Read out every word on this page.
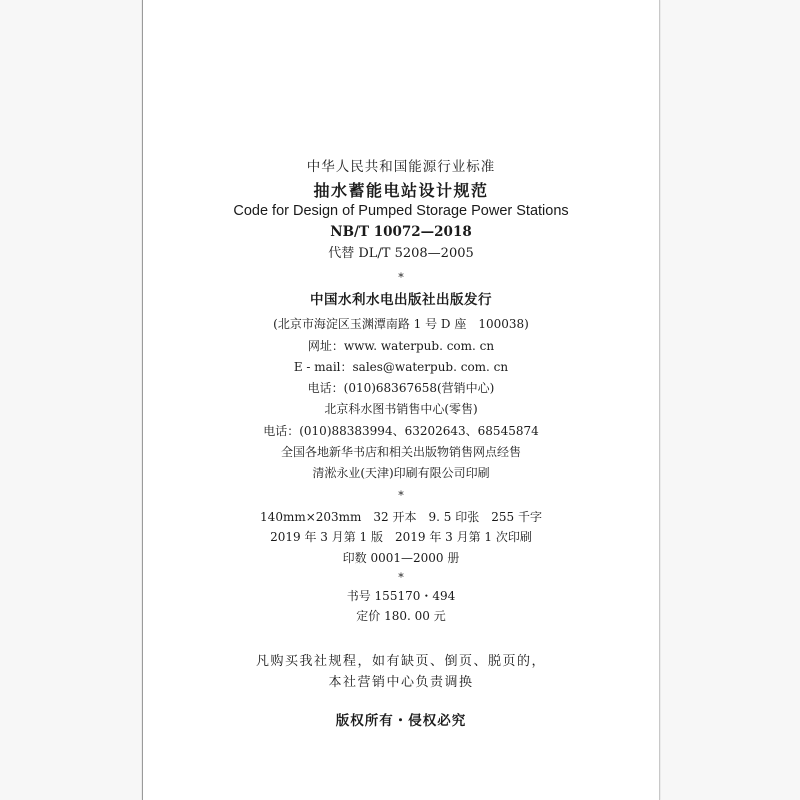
中华人民共和国能源行业标准
抽水蓄能电站设计规范
Code for Design of Pumped Storage Power Stations
NB/T 10072—2018
代替 DL/T 5208—2005
*
中国水利水电出版社出版发行
(北京市海淀区玉渊潭南路 1 号 D 座　100038)
网址：www. waterpub. com. cn
E - mail：sales@waterpub. com. cn
电话：(010)68367658(营销中心)
北京科水图书销售中心(零售)
电话：(010)88383994、63202643、68545874
全国各地新华书店和相关出版物销售网点经售
清淞永业(天津)印刷有限公司印刷
*
140mm×203mm　32 开本　9. 5 印张　255 千字
2019 年 3 月第 1 版　2019 年 3 月第 1 次印刷
印数 0001—2000 册
*
书号 155170・494
定价 180. 00 元
凡购买我社规程，如有缺页、倒页、脱页的，
本社营销中心负责调换
版权所有・侵权必究
